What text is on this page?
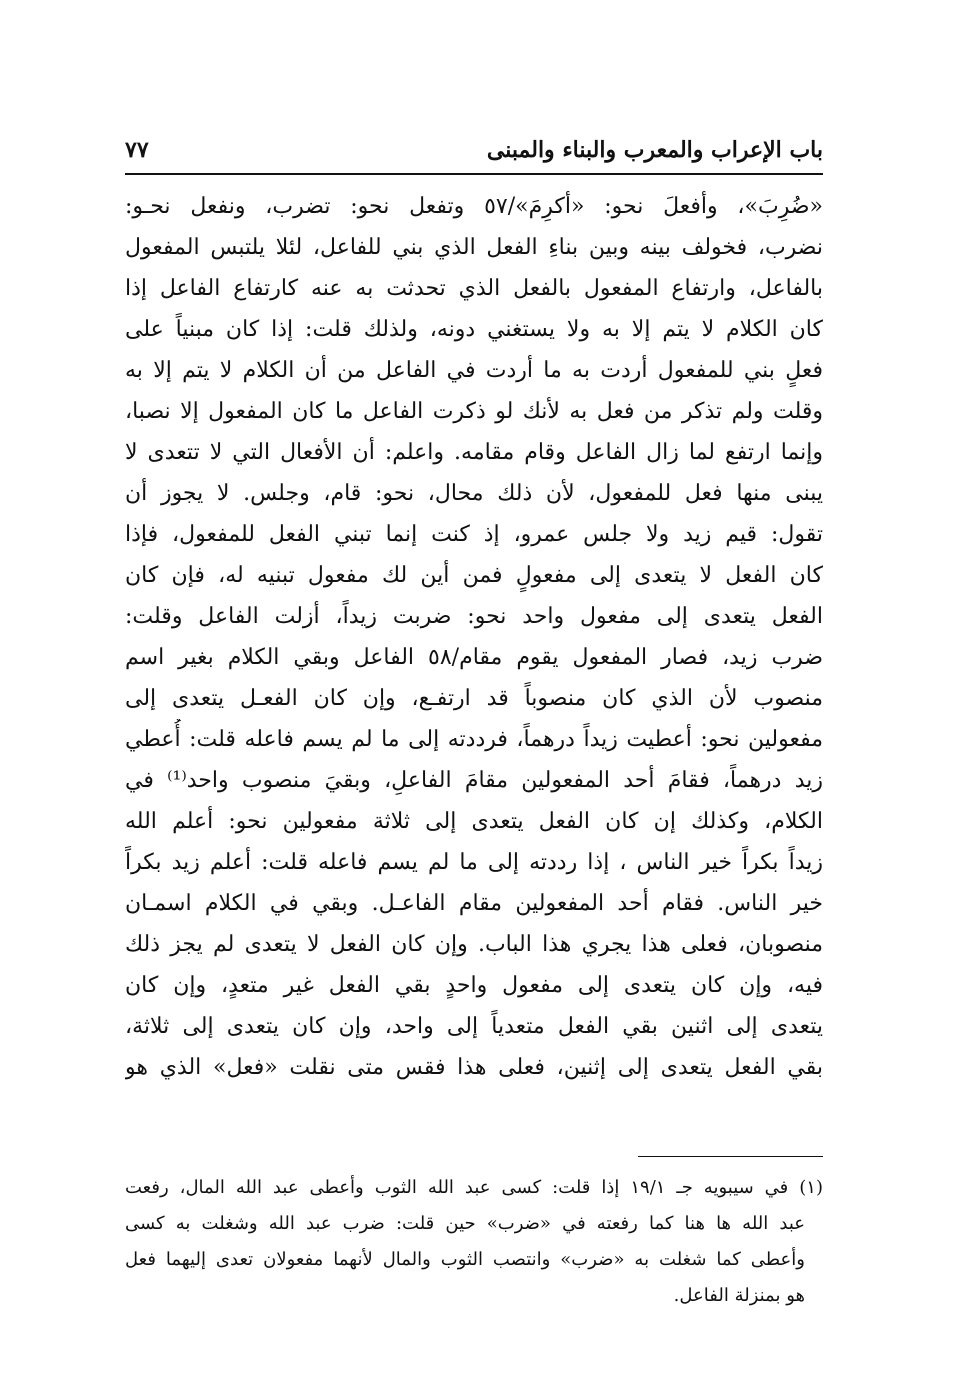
باب الإعراب والمعرب والبناء والمبنى
٧٧
«ضُرِبَ»، وأفعلَ نحو: «أكرِمَ»/٥٧ وتفعل نحو: تضرب، ونفعل نحـو:
نضرب، فخولف بينه وبين بناءِ الفعل الذي بني للفاعل، لئلا يلتبس المفعول
بالفاعل، وارتفاع المفعول بالفعل الذي تحدثت به عنه كارتفاع الفاعل إذا
كان الكلام لا يتم إلا به ولا يستغني دونه، ولذلك قلت: إذا كان مبنياً على
فعلٍ بني للمفعول أردت به ما أردت في الفاعل من أن الكلام لا يتم إلا به
وقلت ولم تذكر من فعل به لأنك لو ذكرت الفاعل ما كان المفعول إلا نصبا،
وإنما ارتفع لما زال الفاعل وقام مقامه. واعلم: أن الأفعال التي لا تتعدى لا
يبنى منها فعل للمفعول، لأن ذلك محال، نحو: قام، وجلس. لا يجوز أن
تقول: قيم زيد ولا جلس عمرو، إذ كنت إنما تبني الفعل للمفعول، فإذا
كان الفعل لا يتعدى إلى مفعولٍ فمن أين لك مفعول تبنيه له، فإن كان
الفعل يتعدى إلى مفعول واحد نحو: ضربت زيداً، أزلت الفاعل وقلت:
ضرب زيد، فصار المفعول يقوم مقام/٥٨ الفاعل وبقي الكلام بغير اسم
منصوب لأن الذي كان منصوباً قد ارتفـع، وإن كان الفعـل يتعدى إلى
مفعولين نحو: أعطيت زيداً درهماً، فرددته إلى ما لم يسم فاعله قلت: أُعطي
زيد درهماً، فقامَ أحد المفعولين مقامَ الفاعلِ، وبقيَ منصوب واحد⁽¹⁾ في
الكلام، وكذلك إن كان الفعل يتعدى إلى ثلاثة مفعولين نحو: أعلم الله
زيداً بكراً خير الناس ، إذا رددته إلى ما لم يسم فاعله قلت: أعلم زيد بكراً
خير الناس. فقام أحد المفعولين مقام الفاعـل. وبقي في الكلام اسمـان
منصوبان، فعلى هذا يجري هذا الباب. وإن كان الفعل لا يتعدى لم يجز ذلك
فيه، وإن كان يتعدى إلى مفعول واحدٍ بقي الفعل غير متعدٍ، وإن كان
يتعدى إلى اثنين بقي الفعل متعدياً إلى واحد، وإن كان يتعدى إلى ثلاثة،
بقي الفعل يتعدى إلى إثنين، فعلى هذا فقس متى نقلت «فعل» الذي هو
(١) في سيبويه جـ ١٩/١ إذا قلت: كسى عبد الله الثوب وأعطى عبد الله المال، رفعت
عبد الله ها هنا كما رفعته في «ضرب» حين قلت: ضرب عبد الله وشغلت به كسى
وأعطى كما شغلت به «ضرب» وانتصب الثوب والمال لأنهما مفعولان تعدى إليهما فعل
هو بمنزلة الفاعل.
